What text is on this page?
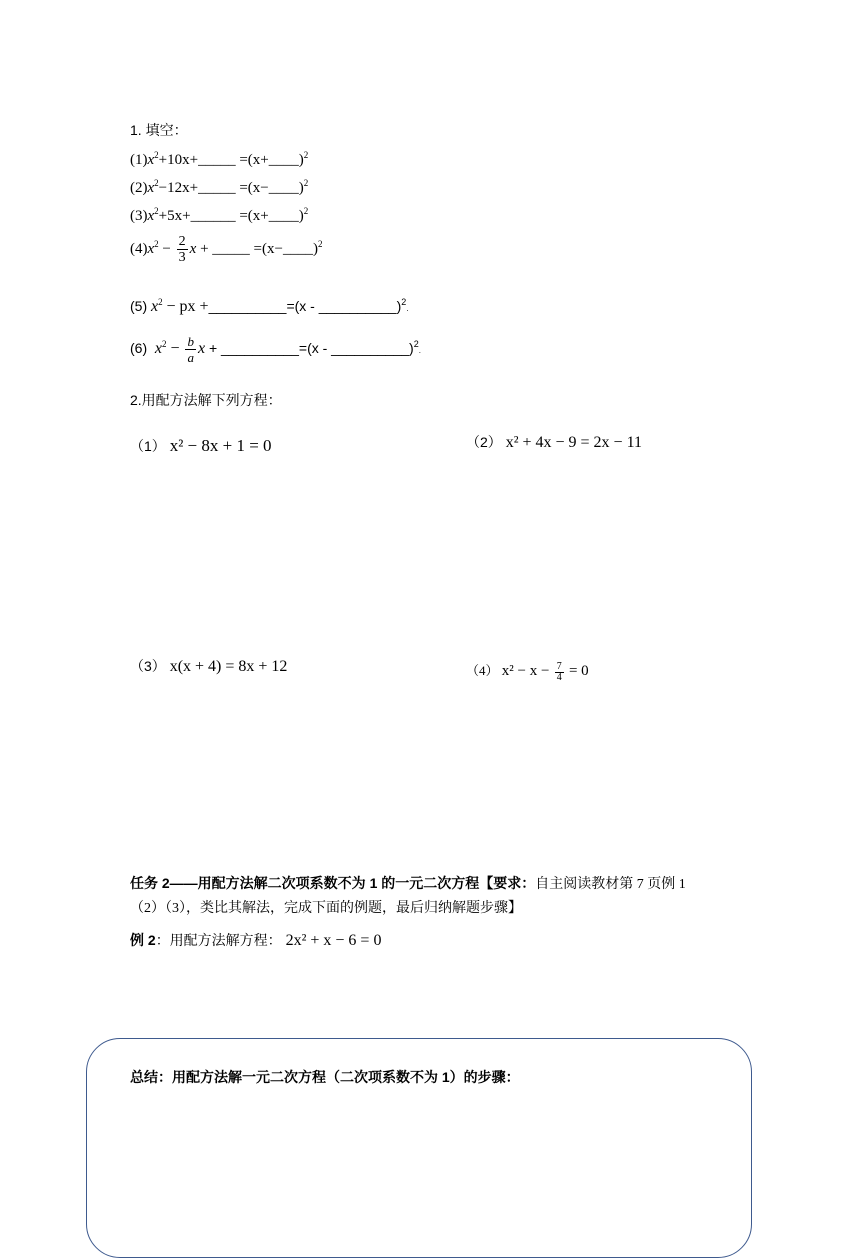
1. 填空：
$(1)x^2+10x+\_\_\_\_\_$ =(x+____)$^2$
$(2)x^2-12x+\_\_\_\_\_$ =(x−____)$^2$
$(3)x^2+5x+\_\_\_\_\_\_$ =(x+____)$^2$
$(4)x^2 - \frac{2}{3}$ x + _____ =(x−____)$^2$
(5) $x^2$ − px +__________=(x - __________)$^2$.
(6) $x^2 - \frac{b}{a}$ x + __________=(x - __________)$^2$.
2.用配方法解下列方程：
（1） x² − 8x + 1 = 0	（2） x² + 4x − 9 = 2x − 11
（3） x(x + 4) = 8x + 12	（4） $x^2 - x - \frac{7}{4} = 0$
任务 2——用配方法解二次项系数不为 1 的一元二次方程【要求：自主阅读教材第 7 页例 1
（2）（3），类比其解法，完成下面的例题，最后归纳解题步骤】
例 2：用配方法解方程： 2x² + x − 6 = 0
总结：用配方法解一元二次方程（二次项系数不为 1）的步骤：
